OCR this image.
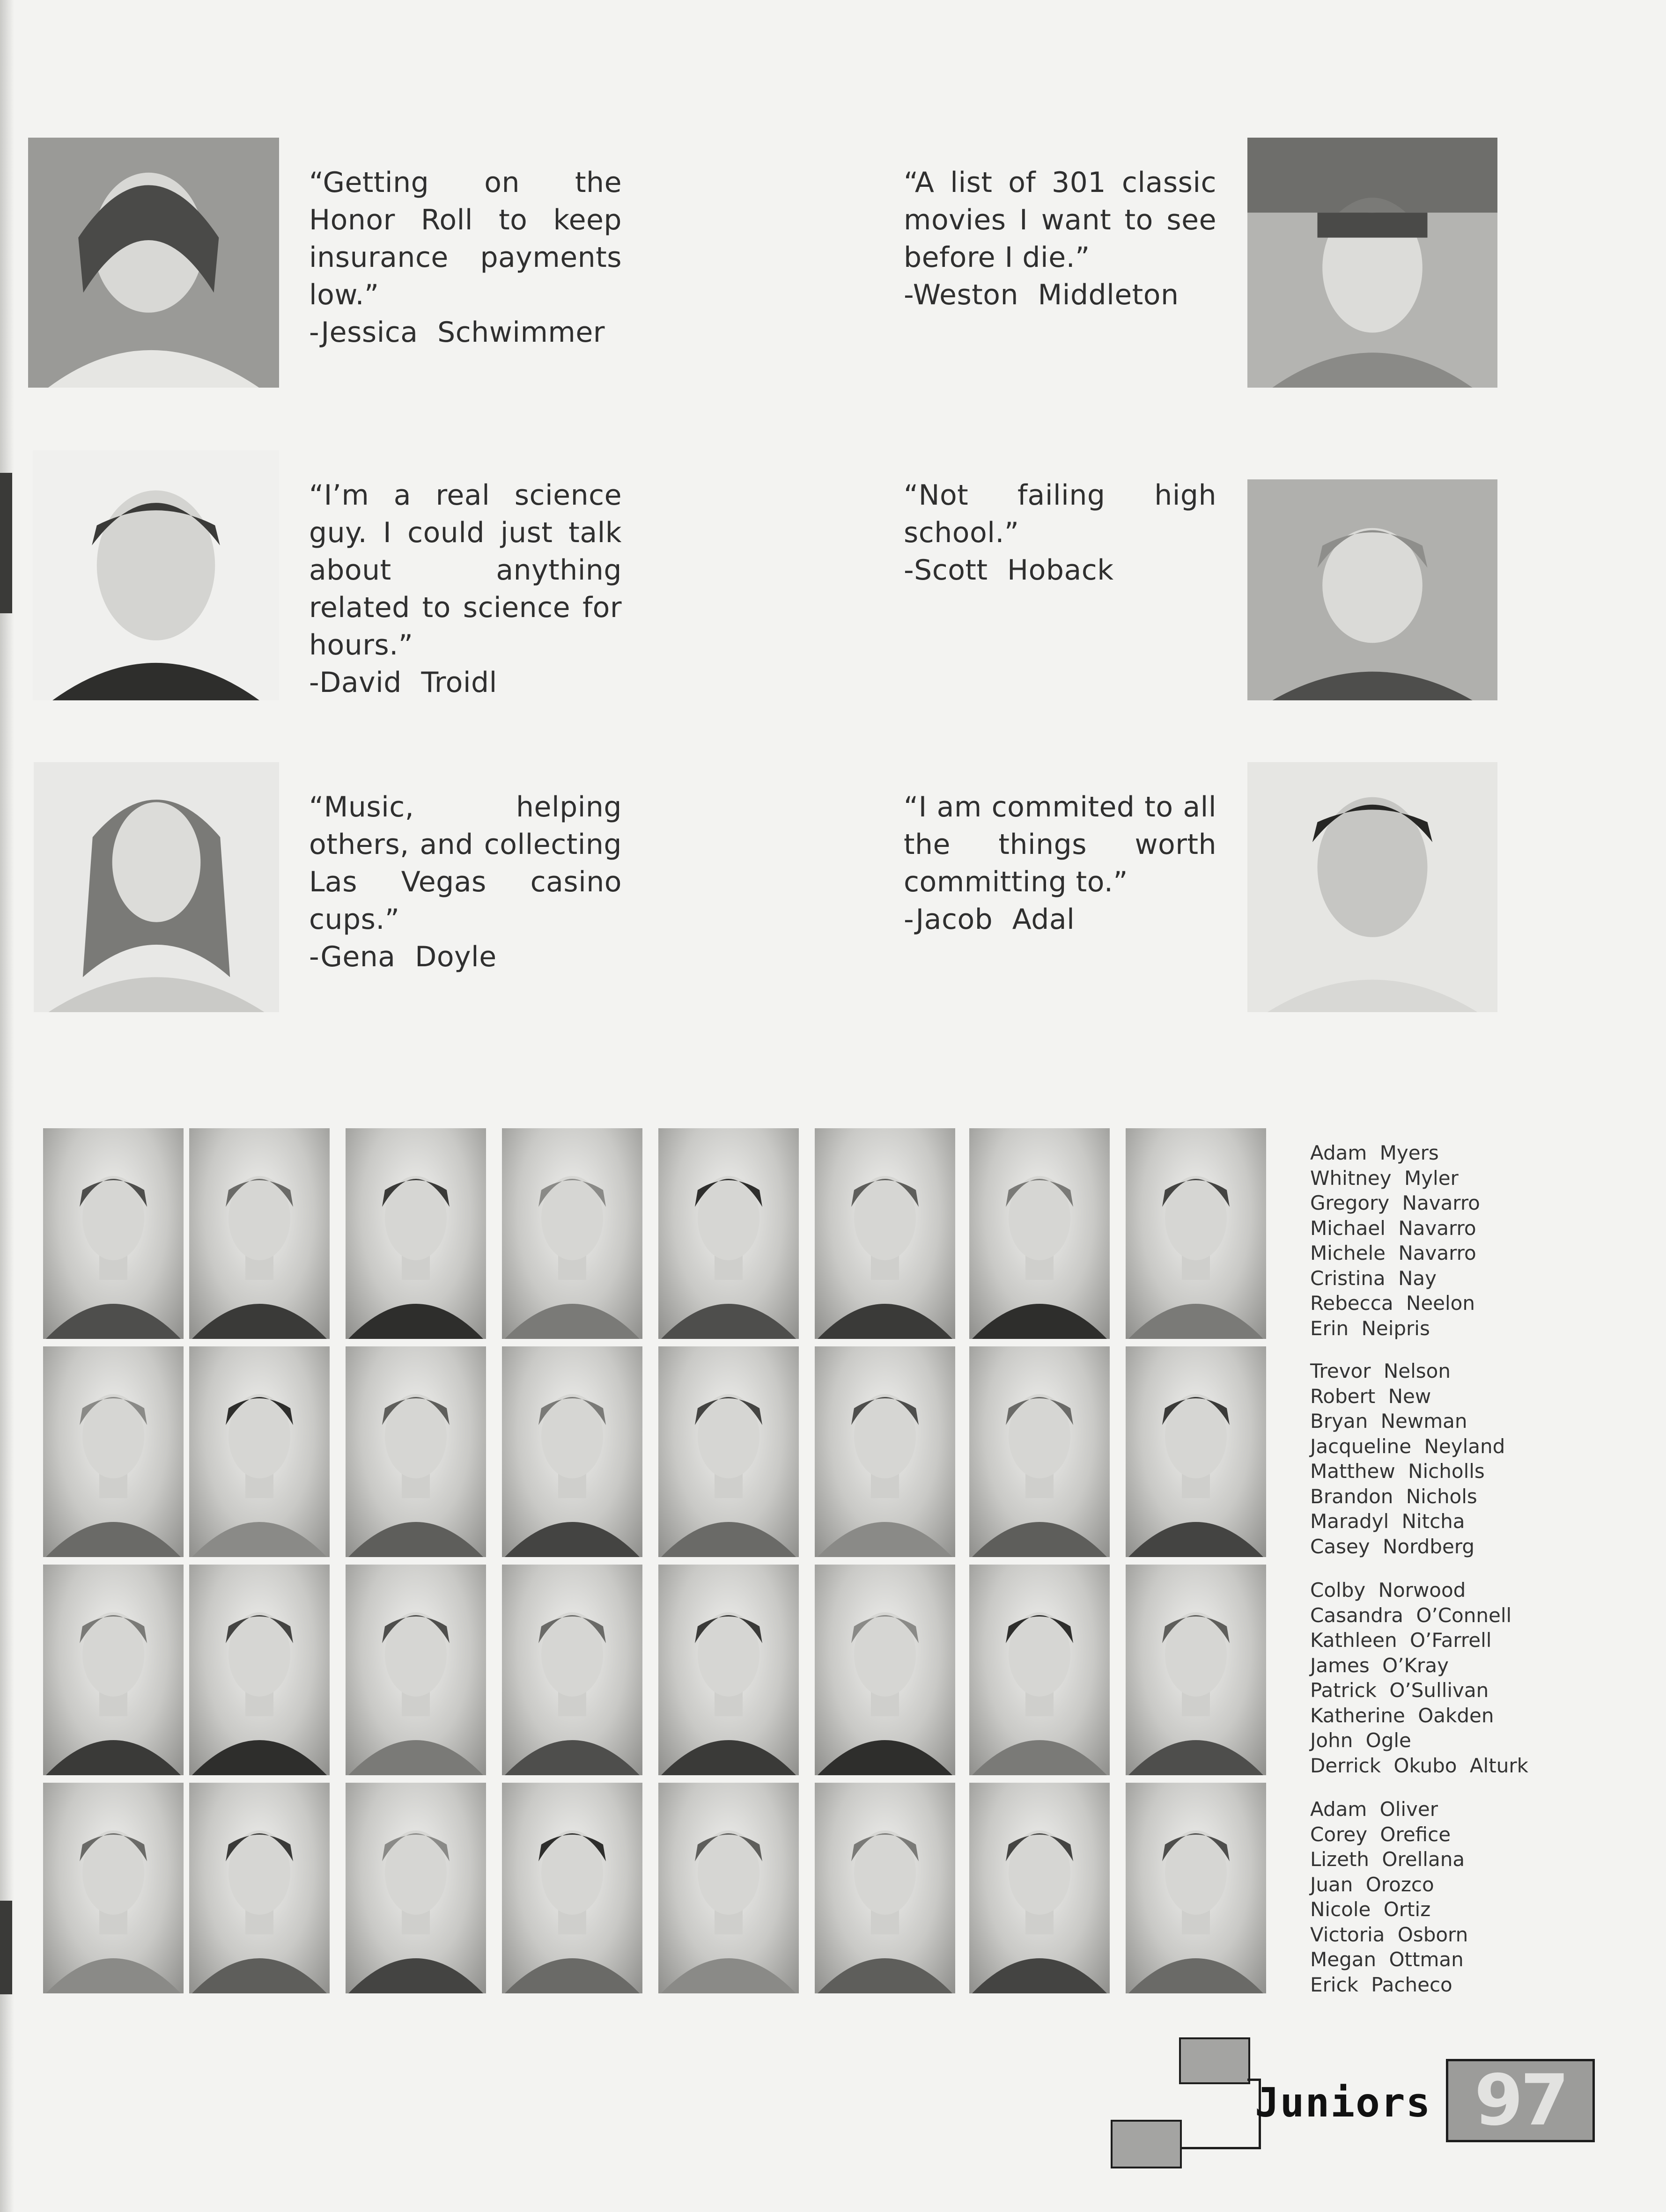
“Getting on the Honor Roll to keep insurance payments low.”
-Jessica Schwimmer
“A list of 301 classic movies I want to see before I die.”
-Weston Middleton
“I’m a real science guy. I could just talk about anything related to science for hours.”
-David Troidl
“Not failing high school.”
-Scott Hoback
“Music, helping others, and collecting Las Vegas casino cups.”
-Gena Doyle
“I am commited to all the things worth committing to.”
-Jacob Adal
Adam Myers
Whitney Myler
Gregory Navarro
Michael Navarro
Michele Navarro
Cristina Nay
Rebecca Neelon
Erin Neipris
Trevor Nelson
Robert New
Bryan Newman
Jacqueline Neyland
Matthew Nicholls
Brandon Nichols
Maradyl Nitcha
Casey Nordberg
Colby Norwood
Casandra O’Connell
Kathleen O’Farrell
James O’Kray
Patrick O’Sullivan
Katherine Oakden
John Ogle
Derrick Okubo Alturk
Adam Oliver
Corey Orefice
Lizeth Orellana
Juan Orozco
Nicole Ortiz
Victoria Osborn
Megan Ottman
Erick Pacheco
Juniors 97
